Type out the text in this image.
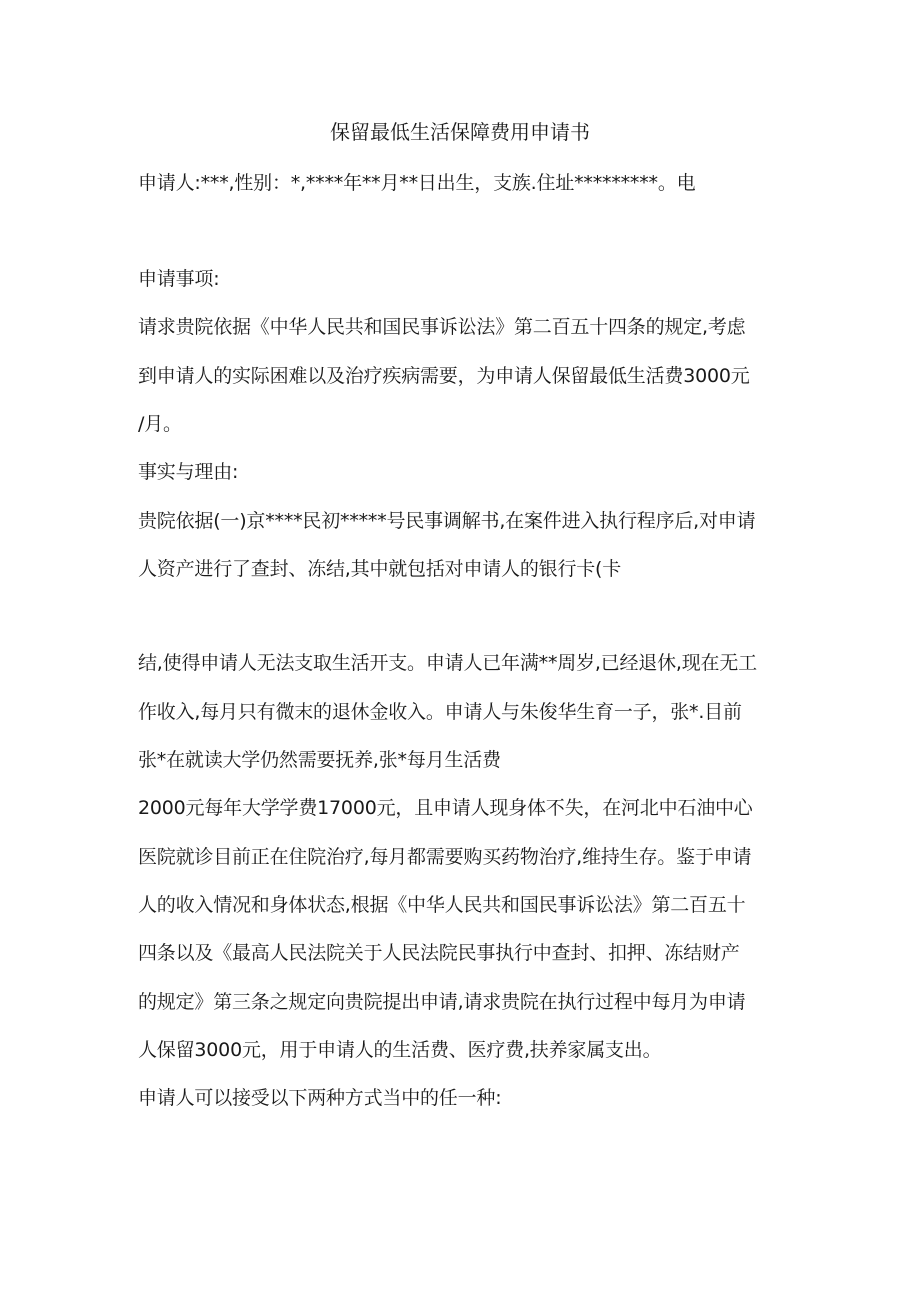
保留最低生活保障费用申请书
申请人:***,性别：*,****年**月**日出生，支族.住址*********。电
申请事项:
请求贵院依据《中华人民共和国民事诉讼法》第二百五十四条的规定,考虑
到申请人的实际困难以及治疗疾病需要，为申请人保留最低生活费3000元
/月。
事实与理由:
贵院依据(一)京****民初*****号民事调解书,在案件进入执行程序后,对申请
人资产进行了查封、冻结,其中就包括对申请人的银行卡(卡
结,使得申请人无法支取生活开支。申请人已年满**周岁,已经退休,现在无工
作收入,每月只有微末的退休金收入。申请人与朱俊华生育一子，张*.目前
张*在就读大学仍然需要抚养,张*每月生活费
2000元每年大学学费17000元，且申请人现身体不失，在河北中石油中心
医院就诊目前正在住院治疗,每月都需要购买药物治疗,维持生存。鉴于申请
人的收入情况和身体状态,根据《中华人民共和国民事诉讼法》第二百五十
四条以及《最高人民法院关于人民法院民事执行中查封、扣押、冻结财产
的规定》第三条之规定向贵院提出申请,请求贵院在执行过程中每月为申请
人保留3000元，用于申请人的生活费、医疗费,扶养家属支出。
申请人可以接受以下两种方式当中的任一种:
